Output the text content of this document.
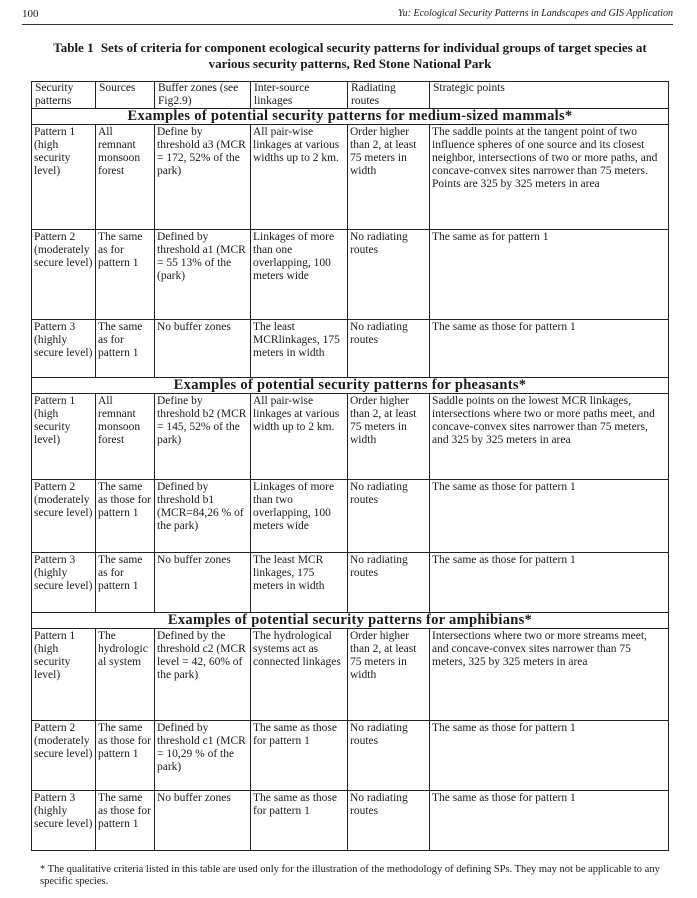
100	Yu: Ecological Security Patterns in Landscapes and GIS Application
Table 1 Sets of criteria for component ecological security patterns for individual groups of target species at various security patterns, Red Stone National Park
Security patterns	Sources	Buffer zones (see Fig2.9)	Inter-source linkages	Radiating routes	Strategic points
Examples of potential security patterns for medium-sized mammals*					
Pattern 1 (high security level)	All remnant monsoon forest	Define by threshold a3 (MCR = 172, 52% of the park)	All pair-wise linkages at various widths up to 2 km.	Order higher than 2, at least 75 meters in width	The saddle points at the tangent point of two influence spheres of one source and its closest neighbor, intersections of two or more paths, and concave-convex sites narrower than 75 meters. Points are 325 by 325 meters in area
Pattern 2 (moderately secure level)	The same as for pattern 1	Defined by threshold a1 (MCR = 55 13% of the (park)	Linkages of more than one overlapping, 100 meters wide	No radiating routes	The same as for pattern 1
Pattern 3 (highly secure level)	The same as for pattern 1	No buffer zones	The least MCRlinkages, 175 meters in width	No radiating routes	The same as those for pattern 1
Examples of potential security patterns for pheasants*					
Pattern 1 (high security level)	All remnant monsoon forest	Define by threshold b2 (MCR = 145, 52% of the park)	All pair-wise linkages at various width up to 2 km.	Order higher than 2, at least 75 meters in width	Saddle points on the lowest MCR linkages, intersections where two or more paths meet, and concave-convex sites narrower than 75 meters, and 325 by 325 meters in area
Pattern 2 (moderately secure level)	The same as those for pattern 1	Defined by threshold b1 (MCR=84,26 % of the park)	Linkages of more than two overlapping, 100 meters wide	No radiating routes	The same as those for pattern 1
Pattern 3 (highly secure level)	The same as for pattern 1	No buffer zones	The least MCR linkages, 175 meters in width	No radiating routes	The same as those for pattern 1
Examples of potential security patterns for amphibians*					
Pattern 1 (high security level)	The hydrological system	Defined by the threshold c2 (MCR level = 42, 60% of the park)	The hydrological systems act as connected linkages	Order higher than 2, at least 75 meters in width	Intersections where two or more streams meet, and concave-convex sites narrower than 75 meters, 325 by 325 meters in area
Pattern 2 (moderately secure level)	The same as those for pattern 1	Defined by threshold c1 (MCR = 10,29 % of the park)	The same as those for pattern 1	No radiating routes	The same as those for pattern 1
Pattern 3 (highly secure level)	The same as those for pattern 1	No buffer zones	The same as those for pattern 1	No radiating routes	The same as those for pattern 1
* The qualitative criteria listed in this table are used only for the illustration of the methodology of defining SPs. They may not be applicable to any specific species.
